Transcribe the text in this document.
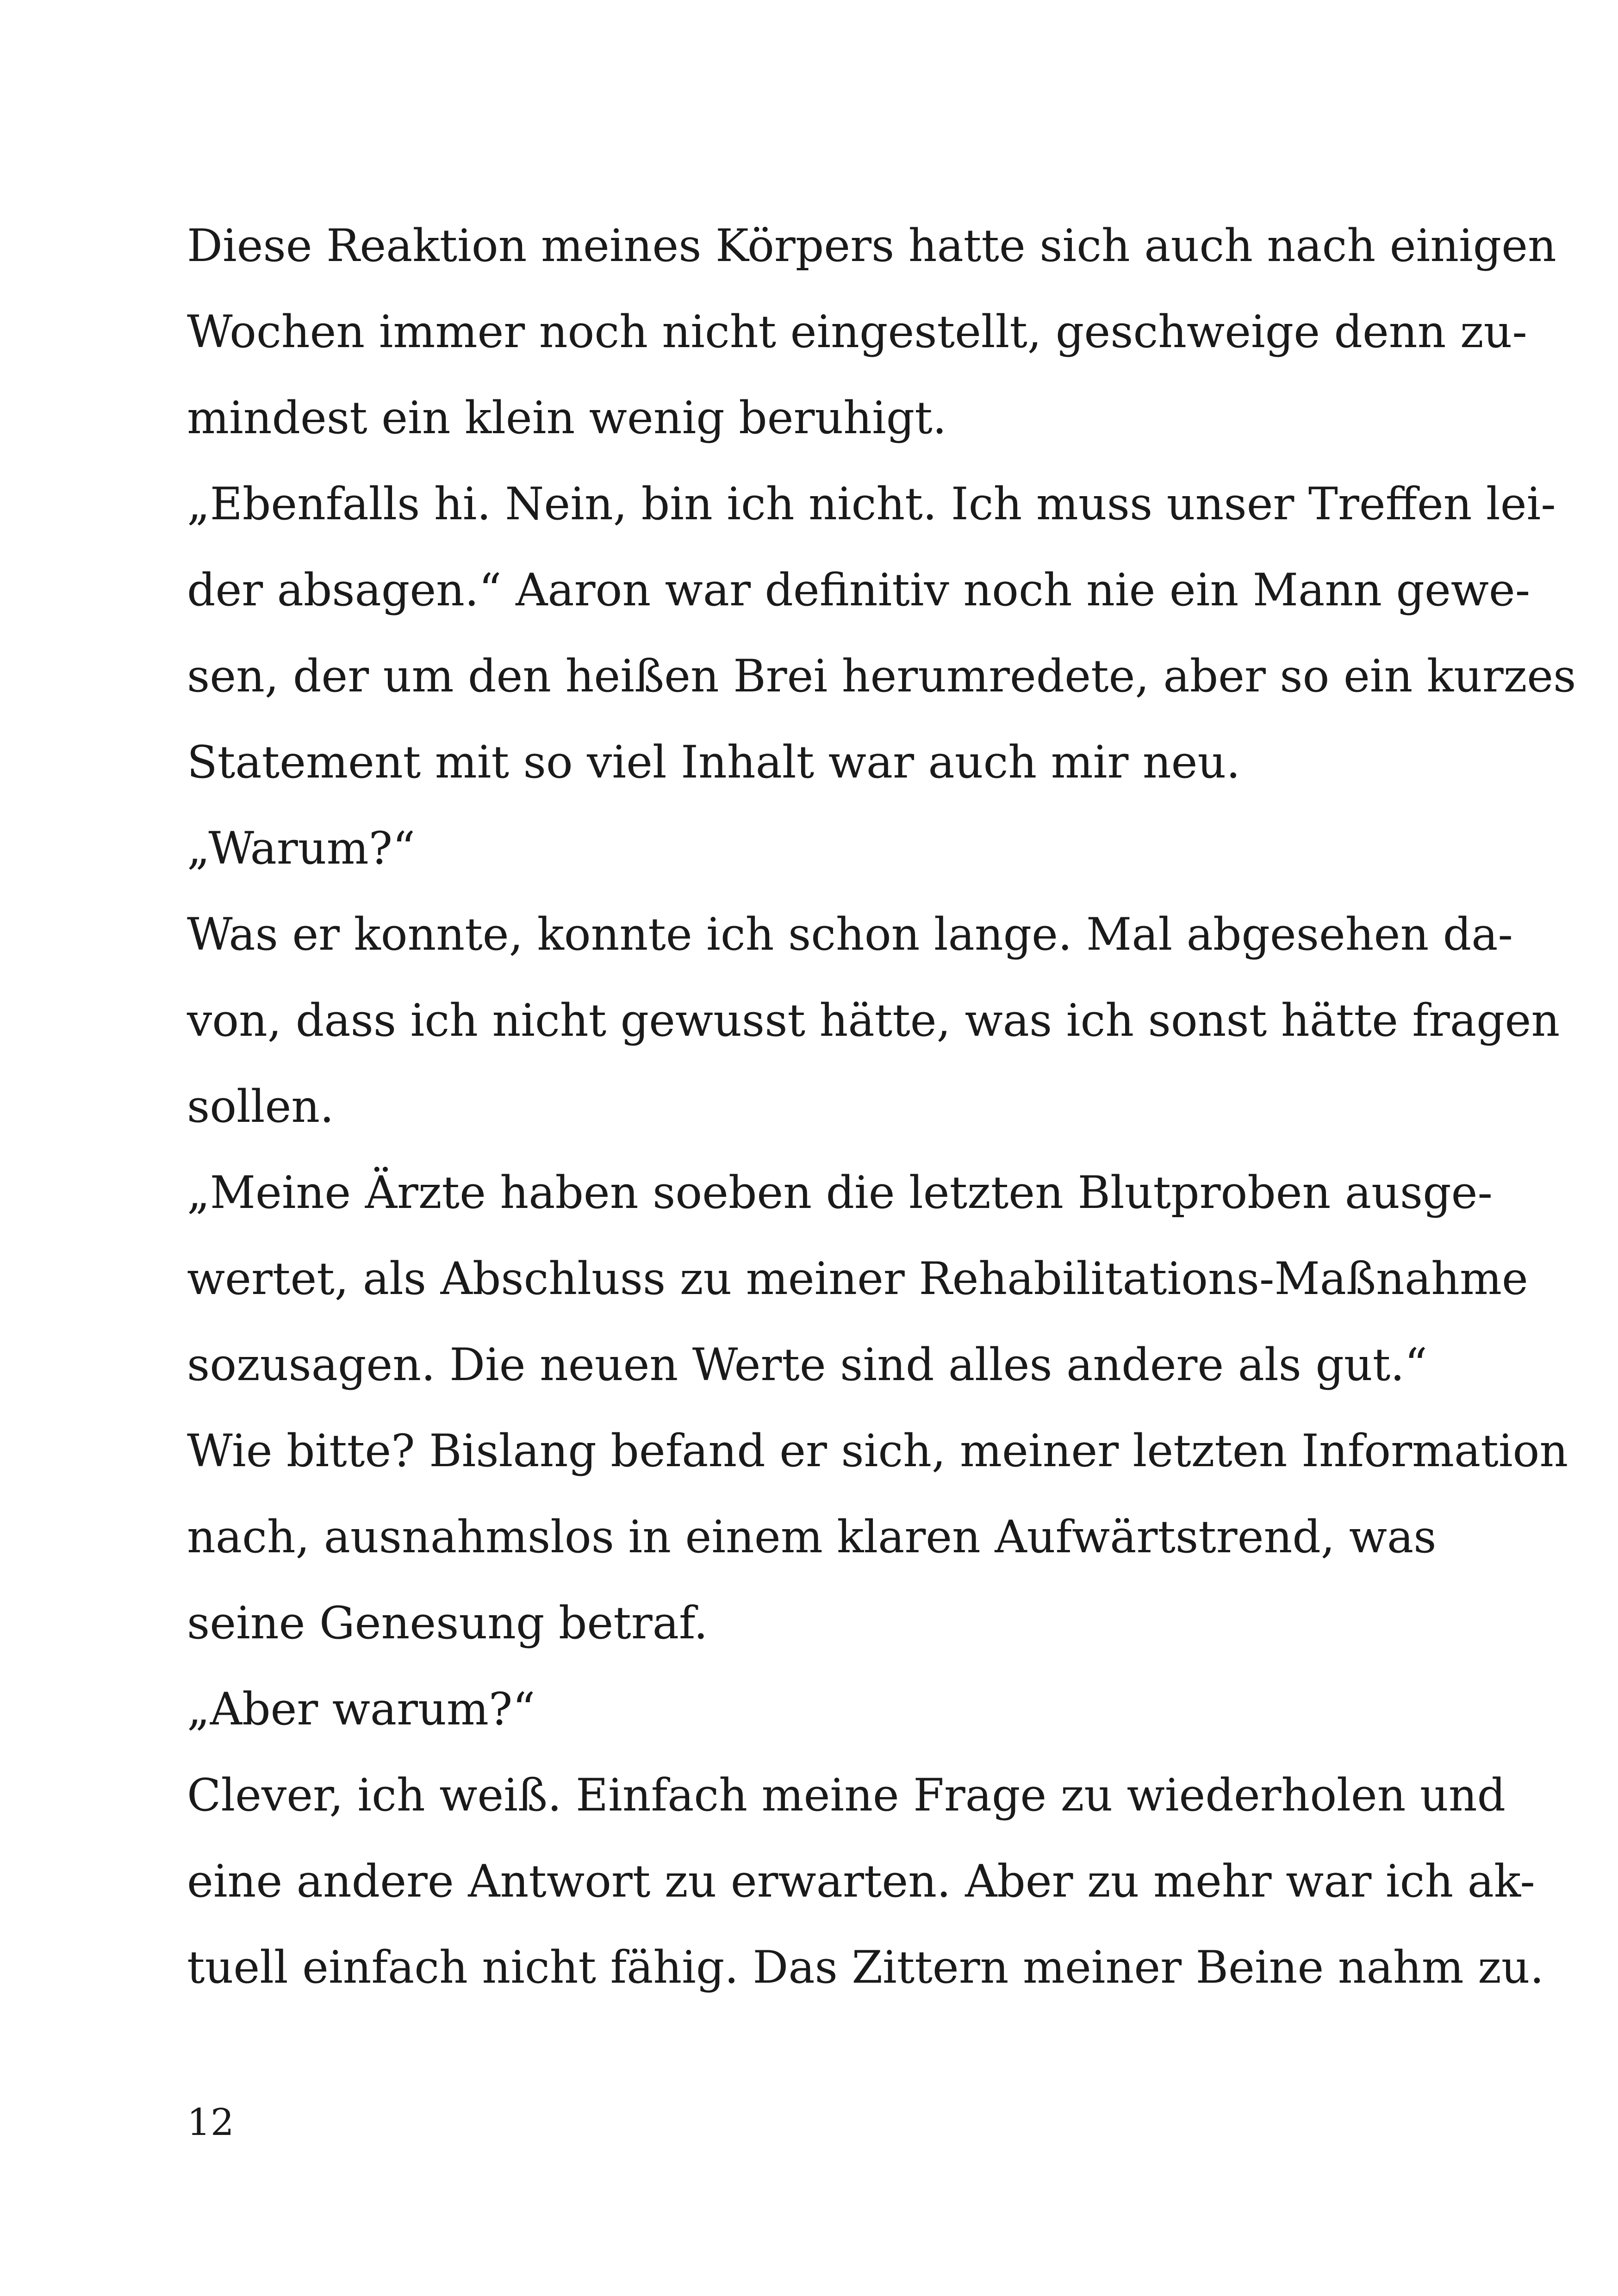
Diese Reaktion meines Körpers hatte sich auch nach einigen
Wochen immer noch nicht eingestellt, geschweige denn zu-
mindest ein klein wenig beruhigt.
„Ebenfalls hi. Nein, bin ich nicht. Ich muss unser Treffen lei-
der absagen.“ Aaron war definitiv noch nie ein Mann gewe-
sen, der um den heißen Brei herumredete, aber so ein kurzes
Statement mit so viel Inhalt war auch mir neu.
„Warum?“
Was er konnte, konnte ich schon lange. Mal abgesehen da-
von, dass ich nicht gewusst hätte, was ich sonst hätte fragen
sollen.
„Meine Ärzte haben soeben die letzten Blutproben ausge-
wertet, als Abschluss zu meiner Rehabilitations-Maßnahme
sozusagen. Die neuen Werte sind alles andere als gut.“
Wie bitte? Bislang befand er sich, meiner letzten Information
nach, ausnahmslos in einem klaren Aufwärtstrend, was
seine Genesung betraf.
„Aber warum?“
Clever, ich weiß. Einfach meine Frage zu wiederholen und
eine andere Antwort zu erwarten. Aber zu mehr war ich ak-
tuell einfach nicht fähig. Das Zittern meiner Beine nahm zu.
12
